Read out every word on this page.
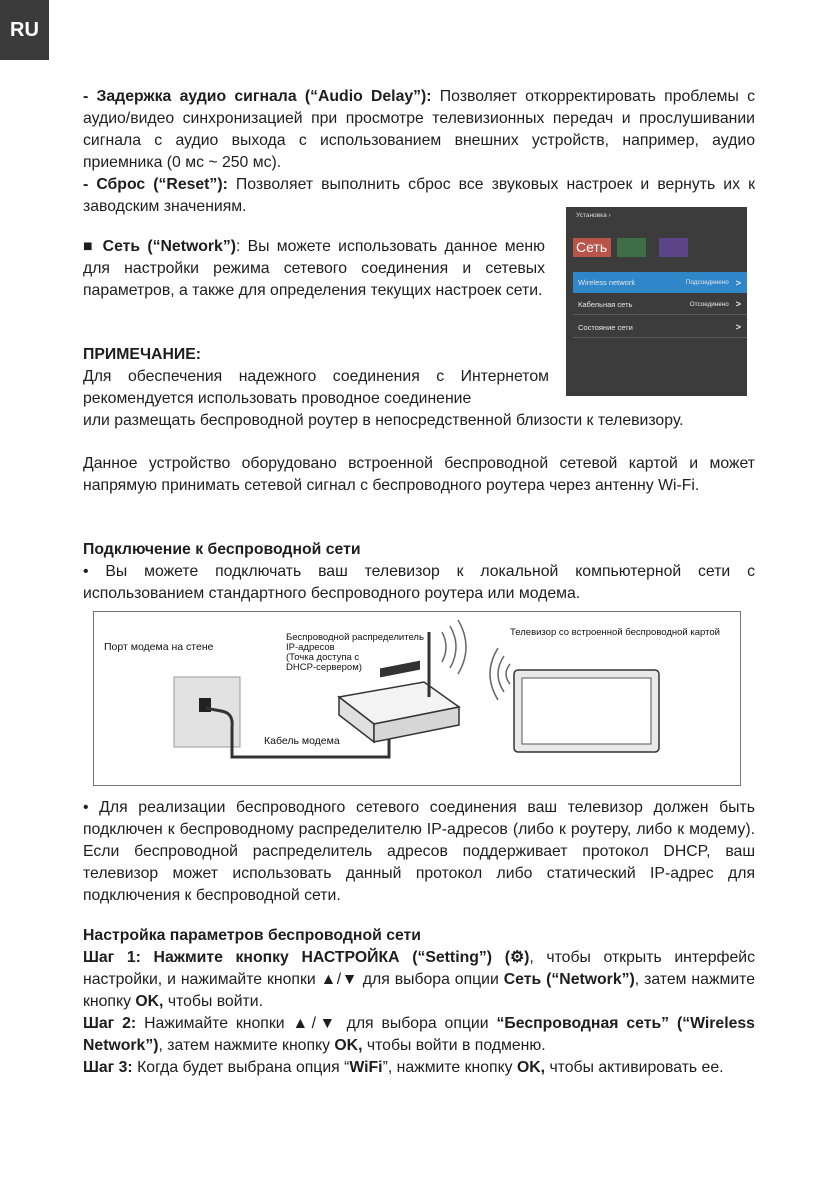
RU

- Задержка аудио сигнала (“Audio Delay”): Позволяет откорректировать проблемы с аудио/видео синхронизацией при просмотре телевизионных передач и прослушивании сигнала с аудио выхода с использованием внешних устройств, например, аудио приемника (0 мс ~ 250 мс).

- Сброс (“Reset”): Позволяет выполнить сброс все звуковых настроек и вернуть их к заводским значениям.

■ Сеть (“Network”): Вы можете использовать данное меню для настройки режима сетевого соединения и сетевых параметров, а также для определения текущих настроек сети.

Установка ›
Сеть
Wireless network	Подсоединено >
Кабельная сеть	Отсоединено >
Состояние сети	>

ПРИМЕЧАНИЕ:

Для обеспечения надежного соединения с Интернетом рекомендуется использовать проводное соединение

или размещать беспроводной роутер в непосредственной близости к телевизору.

Данное устройство оборудовано встроенной беспроводной сетевой картой и может напрямую принимать сетевой сигнал с беспроводного роутера через антенну Wi-Fi.

Подключение к беспроводной сети

• Вы можете подключать ваш телевизор к локальной компьютерной сети с использованием стандартного беспроводного роутера или модема.

Порт модема на стене
Беспроводной распределитель
IP-адресов
(Точка доступа с
DHCP-сервером)
Телевизор со встроенной беспроводной картой
Кабель модема

• Для реализации беспроводного сетевого соединения ваш телевизор должен быть подключен к беспроводному распределителю IP-адресов (либо к роутеру, либо к модему). Если беспроводной распределитель адресов поддерживает протокол DHCP, ваш телевизор может использовать данный протокол либо статический IP-адрес для подключения к беспроводной сети.

Настройка параметров беспроводной сети

Шаг 1: Нажмите кнопку НАСТРОЙКА (“Setting”) (⚙), чтобы открыть интерфейс настройки, и нажимайте кнопки ▲/▼ для выбора опции Сеть (“Network”), затем нажмите кнопку OK, чтобы войти.

Шаг 2: Нажимайте кнопки ▲/▼ для выбора опции “Беспроводная сеть” (“Wireless Network”), затем нажмите кнопку OK, чтобы войти в подменю.

Шаг 3: Когда будет выбрана опция “WiFi”, нажмите кнопку OK, чтобы активировать ее.
